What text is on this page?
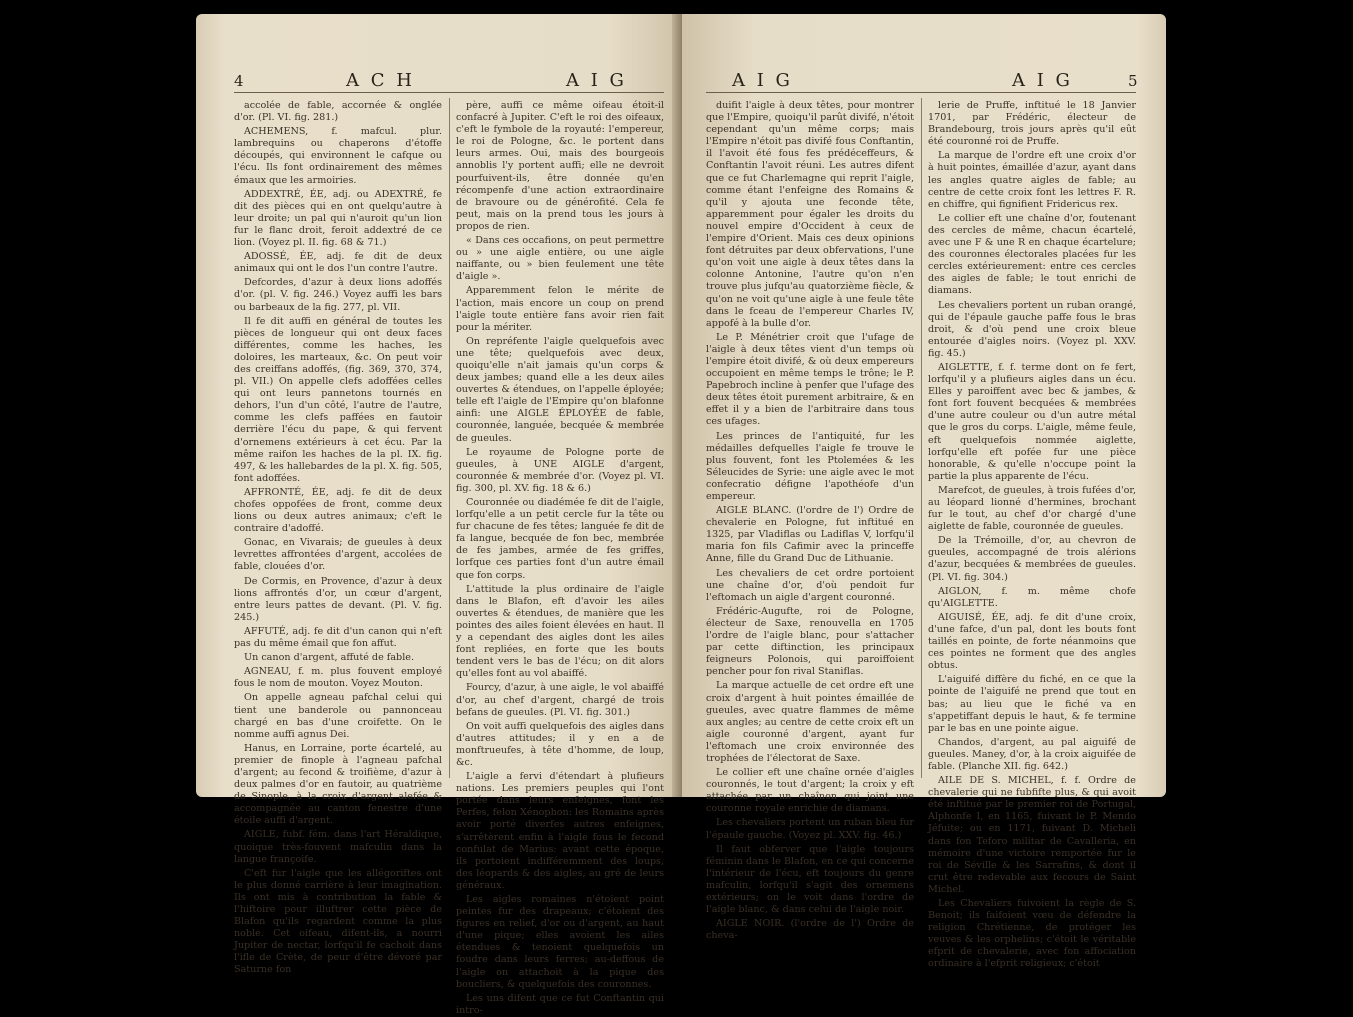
4	A C H	A I G

accolée de fable, accornée & onglée d'or. (Pl. VI. fig. 281.)

ACHEMENS, f. mafcul. plur. lambrequins ou chaperons d'étoffe découpés, qui environnent le cafque ou l'écu. Ils font ordinairement des mêmes émaux que les armoiries.

ADDEXTRÉ, ÉE, adj. ou ADEXTRÉ, fe dit des pièces qui en ont quelqu'autre à leur droite; un pal qui n'auroit qu'un lion fur le flanc droit, feroit addextré de ce lion. (Voyez pl. II. fig. 68 & 71.)

ADOSSÉ, ÉE, adj. fe dit de deux animaux qui ont le dos l'un contre l'autre.

Defcordes, d'azur à deux lions adoffés d'or. (pl. V. fig. 246.) Voyez auffi les bars ou barbeaux de la fig. 277, pl. VII.

Il fe dit auffi en général de toutes les pièces de longueur qui ont deux faces différentes, comme les haches, les doloires, les marteaux, &c. On peut voir des creiffans adoffés, (fig. 369, 370, 374, pl. VII.) On appelle clefs adoffées celles qui ont leurs pannetons tournés en dehors, l'un d'un côté, l'autre de l'autre, comme les clefs paffées en fautoir derrière l'écu du pape, & qui fervent d'ornemens extérieurs à cet écu. Par la même raifon les haches de la pl. IX. fig. 497, & les hallebardes de la pl. X. fig. 505, font adoffées.

AFFRONTÉ, ÉE, adj. fe dit de deux chofes oppofées de front, comme deux lions ou deux autres animaux; c'eft le contraire d'adoffé.

Gonac, en Vivarais; de gueules à deux levrettes affrontées d'argent, accolées de fable, clouées d'or.

De Cormis, en Provence, d'azur à deux lions affrontés d'or, un cœur d'argent, entre leurs pattes de devant. (Pl. V. fig. 245.)

AFFUTÉ, adj. fe dit d'un canon qui n'eft pas du même émail que fon affut.

Un canon d'argent, affuté de fable.

AGNEAU, f. m. plus fouvent employé fous le nom de mouton. Voyez Mouton.

On appelle agneau pafchal celui qui tient une banderole ou pannonceau chargé en bas d'une croifette. On le nomme auffi agnus Dei.

Hanus, en Lorraine, porte écartelé, au premier de finople à l'agneau pafchal d'argent; au fecond & troifième, d'azur à deux palmes d'or en fautoir, au quatrième de Sinople, à la croix d'argent alefée & accompagnée au canton fenestre d'une étoile auffi d'argent.

AIGLE, fubf. fém. dans l'art Héraldique, quoique très-fouvent mafculin dans la langue françoife.

C'eft fur l'aigle que les allégoriftes ont le plus donné carrière à leur imagination. Ils ont mis à contribution la fable & l'hiftoire pour illuftrer cette pièce de Blafon qu'ils regardent comme la plus noble. Cet oifeau, difent-ils, a nourri Jupiter de nectar, lorfqu'il fe cachoit dans l'ifle de Crète, de peur d'être dévoré par Saturne fon

père, auffi ce même oifeau étoit-il confacré à Jupiter. C'eft le roi des oifeaux, c'eft le fymbole de la royauté: l'empereur, le roi de Pologne, &c. le portent dans leurs armes. Oui, mais des bourgeois annoblis l'y portent auffi; elle ne devroit pourfuivent-ils, être donnée qu'en récompenfe d'une action extraordinaire de bravoure ou de générofité. Cela fe peut, mais on la prend tous les jours à propos de rien.

« Dans ces occafions, on peut permettre ou » une aigle entière, ou une aigle naiffante, ou » bien feulement une tête d'aigle ».

Apparemment felon le mérite de l'action, mais encore un coup on prend l'aigle toute entière fans avoir rien fait pour la mériter.

On repréfente l'aigle quelquefois avec une tête; quelquefois avec deux, quoiqu'elle n'ait jamais qu'un corps & deux jambes; quand elle a les deux ailes ouvertes & étendues, on l'appelle éployée; telle eft l'aigle de l'Empire qu'on blafonne ainfi: une AIGLE ÉPLOYÉE de fable, couronnée, languée, becquée & membrée de gueules.

Le royaume de Pologne porte de gueules, à UNE AIGLE d'argent, couronnée & membrée d'or. (Voyez pl. VI. fig. 300, pl. XV. fig. 18 & 6.)

Couronnée ou diadémée fe dit de l'aigle, lorfqu'elle a un petit cercle fur la tête ou fur chacune de fes têtes; languée fe dit de fa langue, becquée de fon bec, membrée de fes jambes, armée de fes griffes, lorfque ces parties font d'un autre émail que fon corps.

L'attitude la plus ordinaire de l'aigle dans le Blafon, eft d'avoir les ailes ouvertes & étendues, de manière que les pointes des ailes foient élevées en haut. Il y a cependant des aigles dont les ailes font repliées, en forte que les bouts tendent vers le bas de l'écu; on dit alors qu'elles font au vol abaiffé.

Fourcy, d'azur, à une aigle, le vol abaiffé d'or, au chef d'argent, chargé de trois befans de gueules. (Pl. VI. fig. 301.)

On voit auffi quelquefois des aigles dans d'autres attitudes; il y en a de monftrueufes, à tête d'homme, de loup, &c.

L'aigle a fervi d'étendart à plufieurs nations. Les premiers peuples qui l'ont portée dans leurs enfeignes, font les Perfes, felon Xénophon: les Romains après avoir porté diverfes autres enfeignes, s'arrêtèrent enfin à l'aigle fous le fecond confulat de Marius: avant cette époque, ils portoient indifféremment des loups, des léopards & des aigles, au gré de leurs généraux.

Les aigles romaines n'étoient point peintes fur des drapeaux; c'étoient des figures en relief, d'or ou d'argent, au haut d'une pique; elles avoient les ailes étendues & tenoient quelquefois un foudre dans leurs ferres; au-deffous de l'aigle on attachoit à la pique des boucliers, & quelquefois des couronnes.

Les uns difent que ce fut Conftantin qui intro-

A I G	A I G	5

duifit l'aigle à deux têtes, pour montrer que l'Empire, quoiqu'il parût divifé, n'étoit cependant qu'un même corps; mais l'Empire n'étoit pas divifé fous Conftantin, il l'avoit été fous fes prédéceffeurs, & Conftantin l'avoit réuni. Les autres difent que ce fut Charlemagne qui reprit l'aigle, comme étant l'enfeigne des Romains & qu'il y ajouta une feconde tête, apparemment pour égaler les droits du nouvel empire d'Occident à ceux de l'empire d'Orient. Mais ces deux opinions font détruites par deux obfervations, l'une qu'on voit une aigle à deux têtes dans la colonne Antonine, l'autre qu'on n'en trouve plus jufqu'au quatorzième fiècle, & qu'on ne voit qu'une aigle à une feule tête dans le fceau de l'empereur Charles IV, appofé à la bulle d'or.

Le P. Ménétrier croit que l'ufage de l'aigle à deux têtes vient d'un temps où l'empire étoit divifé, & où deux empereurs occupoient en même temps le trône; le P. Papebroch incline à penfer que l'ufage des deux têtes étoit purement arbitraire, & en effet il y a bien de l'arbitraire dans tous ces ufages.

Les princes de l'antiquité, fur les médailles defquelles l'aigle fe trouve le plus fouvent, font les Ptolemées & les Séleucides de Syrie: une aigle avec le mot confecratio défigne l'apothéofe d'un empereur.

AIGLE BLANC. (l'ordre de l') Ordre de chevalerie en Pologne, fut inftitué en 1325, par Vladiflas ou Ladiflas V, lorfqu'il maria fon fils Cafimir avec la princeffe Anne, fille du Grand Duc de Lithuanie.

Les chevaliers de cet ordre portoient une chaîne d'or, d'où pendoit fur l'eftomach un aigle d'argent couronné.

Frédéric-Augufte, roi de Pologne, électeur de Saxe, renouvella en 1705 l'ordre de l'aigle blanc, pour s'attacher par cette diftinction, les principaux feigneurs Polonois, qui paroiffoient pencher pour fon rival Staniflas.

La marque actuelle de cet ordre eft une croix d'argent à huit pointes émaillée de gueules, avec quatre flammes de même aux angles; au centre de cette croix eft un aigle couronné d'argent, ayant fur l'eftomach une croix environnée des trophées de l'électorat de Saxe.

Le collier eft une chaîne ornée d'aigles couronnés, le tout d'argent; la croix y eft attachée par un chaînon qui joint une couronne royale enrichie de diamans.

Les chevaliers portent un ruban bleu fur l'épaule gauche. (Voyez pl. XXV. fig. 46.)

Il faut obferver que l'aigle toujours féminin dans le Blafon, en ce qui concerne l'intérieur de l'écu, eft toujours du genre mafculin, lorfqu'il s'agit des ornemens extérieurs; on le voit dans l'ordre de l'aigle blanc, & dans celui de l'aigle noir.

AIGLE NOIR. (l'ordre de l') Ordre de cheva-

lerie de Pruffe, inftitué le 18 Janvier 1701, par Frédéric, électeur de Brandebourg, trois jours après qu'il eût été couronné roi de Pruffe.

La marque de l'ordre eft une croix d'or à huit pointes, émaillée d'azur, ayant dans les angles quatre aigles de fable; au centre de cette croix font les lettres F. R. en chiffre, qui fignifient Fridericus rex.

Le collier eft une chaîne d'or, foutenant des cercles de même, chacun écartelé, avec une F & une R en chaque écartelure; des couronnes électorales placées fur les cercles extérieurement: entre ces cercles des aigles de fable; le tout enrichi de diamans.

Les chevaliers portent un ruban orangé, qui de l'épaule gauche paffe fous le bras droit, & d'où pend une croix bleue entourée d'aigles noirs. (Voyez pl. XXV. fig. 45.)

AIGLETTE, f. f. terme dont on fe fert, lorfqu'il y a plufieurs aigles dans un écu. Elles y paroiffent avec bec & jambes, & font fort fouvent becquées & membrées d'une autre couleur ou d'un autre métal que le gros du corps. L'aigle, même feule, eft quelquefois nommée aiglette, lorfqu'elle eft pofée fur une pièce honorable, & qu'elle n'occupe point la partie la plus apparente de l'écu.

Marefcot, de gueules, à trois fufées d'or, au léopard lionné d'hermines, brochant fur le tout, au chef d'or chargé d'une aiglette de fable, couronnée de gueules.

De la Trémoille, d'or, au chevron de gueules, accompagné de trois alérions d'azur, becquées & membrées de gueules. (Pl. VI. fig. 304.)

AIGLON, f. m. même chofe qu'AIGLETTE.

AIGUISÉ, ÉE, adj. fe dit d'une croix, d'une fafce, d'un pal, dont les bouts font taillés en pointe, de forte néanmoins que ces pointes ne forment que des angles obtus.

L'aiguifé diffère du fiché, en ce que la pointe de l'aiguifé ne prend que tout en bas; au lieu que le fiché va en s'appetiffant depuis le haut, & fe termine par le bas en une pointe aigue.

Chandos, d'argent, au pal aiguifé de gueules. Maney, d'or, à la croix aiguifée de fable. (Planche XII. fig. 642.)

AILE DE S. MICHEL, f. f. Ordre de chevalerie qui ne fubfifte plus, & qui avoit été inftitué par le premier roi de Portugal, Alphonfe I, en 1165, fuivant le P. Mendo Jéfuite; ou en 1171, fuivant D. Micheli dans fon Teforo militar de Cavalleria, en mémoire d'une victoire remportée fur le roi de Séville & les Sarrafins, & dont il crut être redevable aux fecours de Saint Michel.

Les Chevaliers fuivoient la règle de S. Benoit; ils faifoient vœu de défendre la religion Chrétienne, de protéger les veuves & les orphelins; c'étoit le véritable efprit de chevalerie, avec fon affociation ordinaire à l'efprit religieux; c'étoit
